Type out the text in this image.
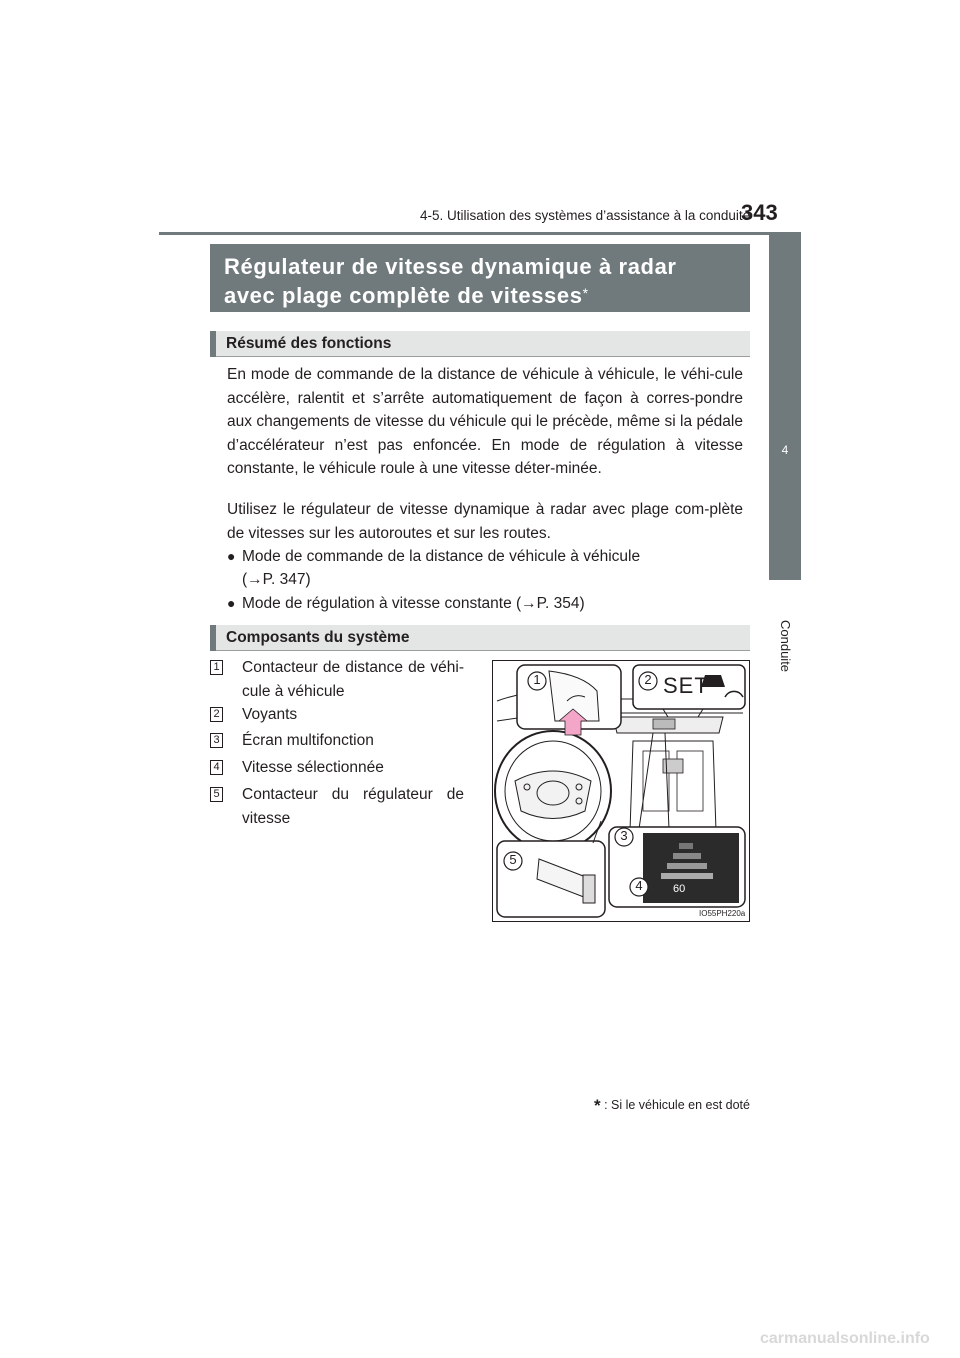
4-5. Utilisation des systèmes d’assistance à la conduite
343
4
Conduite
Régulateur de vitesse dynamique à radar
avec plage complète de vitesses*
Résumé des fonctions
En mode de commande de la distance de véhicule à véhicule, le véhi-cule accélère, ralentit et s’arrête automatiquement de façon à corres-pondre aux changements de vitesse du véhicule qui le précède, même si la pédale d’accélérateur n’est pas enfoncée. En mode de régulation à vitesse constante, le véhicule roule à une vitesse déter-minée.
Utilisez le régulateur de vitesse dynamique à radar avec plage com-plète de vitesses sur les autoroutes et sur les routes.
● Mode de commande de la distance de véhicule à véhicule
(→P. 347)
● Mode de régulation à vitesse constante (→P. 354)
Composants du système
1 Contacteur de distance de véhi-cule à véhicule
2 Voyants
3 Écran multifonction
4 Vitesse sélectionnée
5 Contacteur du régulateur de vitesse
1	2
3
4
5
SET
60
IO55PH220a
* : Si le véhicule en est doté
carmanualsonline.info
